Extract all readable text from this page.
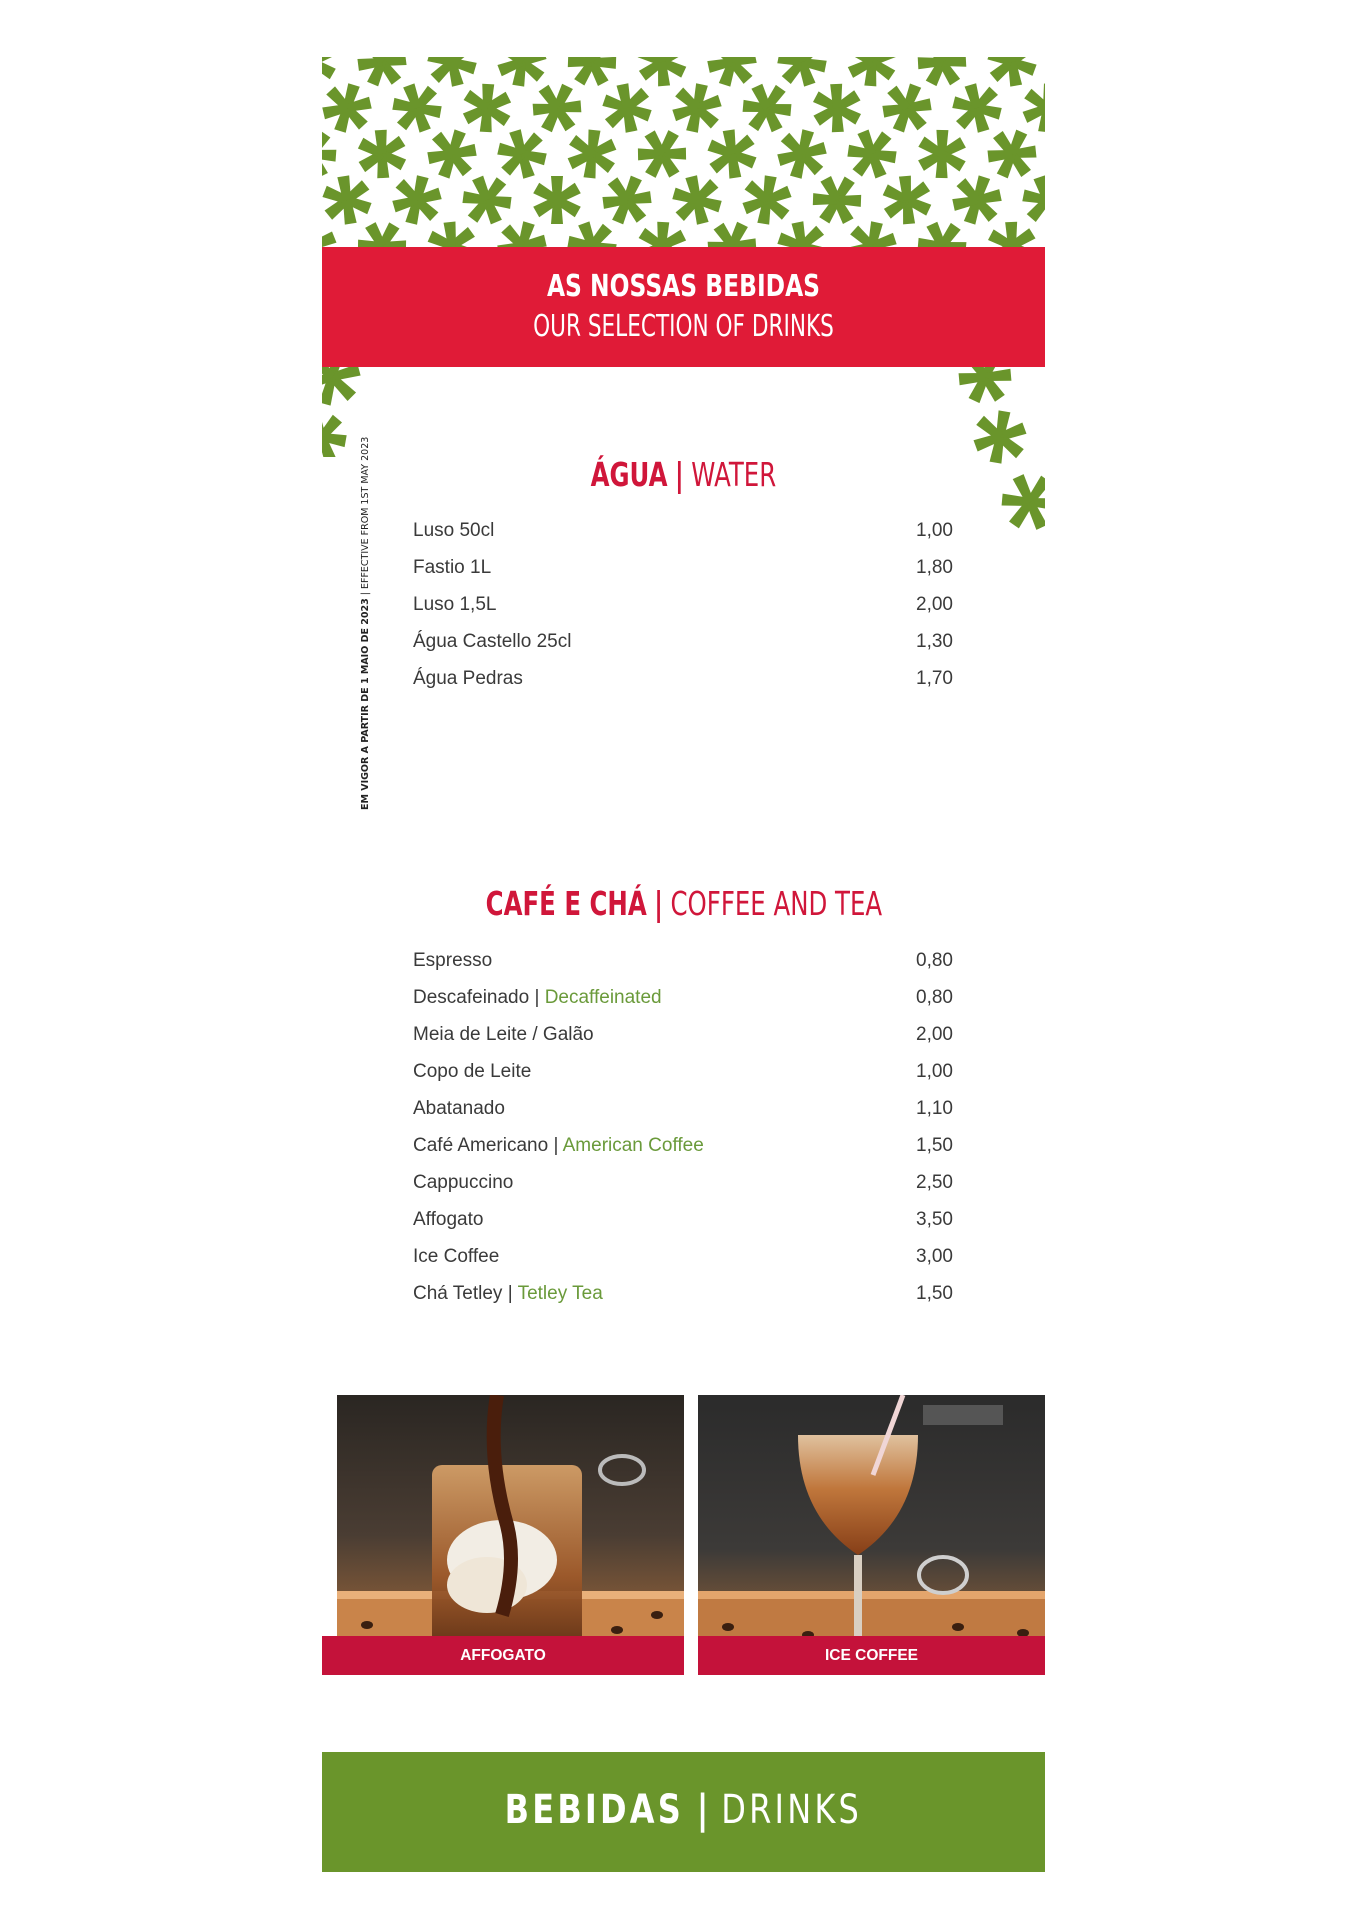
AS NOSSAS BEBIDAS
OUR SELECTION OF DRINKS
EM VIGOR A PARTIR DE 1 MAIO DE 2023 | EFFECTIVE FROM 1ST MAY 2023	ÁGUA | WATER
Luso 50cl	1,00
Fastio 1L	1,80
Luso 1,5L	2,00
Água Castello 25cl	1,30
Água Pedras	1,70
CAFÉ E CHÁ | COFFEE AND TEA
Espresso	0,80
Descafeinado | Decaffeinated	0,80
Meia de Leite / Galão	2,00
Copo de Leite	1,00
Abatanado	1,10
Café Americano | American Coffee	1,50
Cappuccino	2,50
Affogato	3,50
Ice Coffee	3,00
Chá Tetley | Tetley Tea	1,50
AFFOGATO	ICE COFFEE
BEBIDAS | DRINKS
